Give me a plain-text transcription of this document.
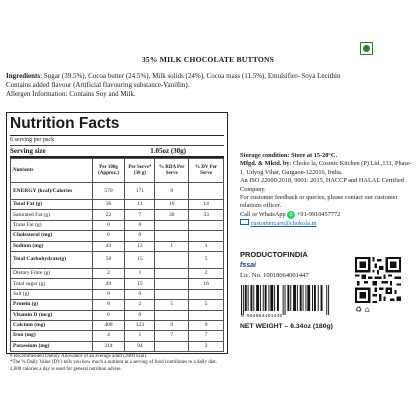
35% MILK CHOCOLATE BUTTONS
Ingredients: Sugar (39.5%), Cocoa butter (24.5%), Milk solids (24%), Cocoa mass (11.5%), Emulsifier- Soya Lecithin
Contains added flavour (Artificial flavouring substance-Vanillin).
Allergen Information: Contains Soy and Milk.
Nutrition Facts
6 serving per pack
Serving size	1.05oz (30g)
Nutrients	Per 100g (Approx.)	Per Serve* (30 g)	% RDA Per Serve	% DV Per Serve
ENERGY (kcal)/Calories	570	171	9	
Total Fat (g)	36	11	16	14
Saturated Fat (g)	22	7	30	33
Trans Fat (g)	0	0		
Cholesterol (mg)	0	0		
Sodium (mg)	43	13	1	1
Total Carbohydrate(g)	50	15		5
Dietary Fibre (g)	2	1		2
Total sugar (g)	49	15		16
Salt (g)	0	0		
Protein (g)	8	2	5	5
Vitamin D (mcg)	0	0		
Calcium (mg)	408	123	9	9
Iron (mg)	4	1	7	7
Potassium (mg)	314	94		2
# Recommended Dietary Allowance of an average adult (2000 kcal).
*The % Daily Value (DV) tells you how much a nutrient in a serving of food contributes to a daily diet. 2,000 calories a day is used for general nutrition advise.
Storage condition: Store at 15-20°C.
Mfgd. & Mktd. by: Choko la, Cosmic Kitchen (P) Ltd.,131, Phase-1, Udyog Vihar, Gurgaon-122016, India.
An ISO 22000:2018, 9001: 2015, HACCP and HALAL Certified Company.
For customer feedback or queries, please contact our customer relations officer.
Call or WhatsApp ✆ +91-9910457772
customercare@chokola.in
PRODUCTOFINDIA
fssai
Lic. No. 10018064001447
8 904064401445
♻ ⌂
NET WEIGHT – 6.34oz (180g)
